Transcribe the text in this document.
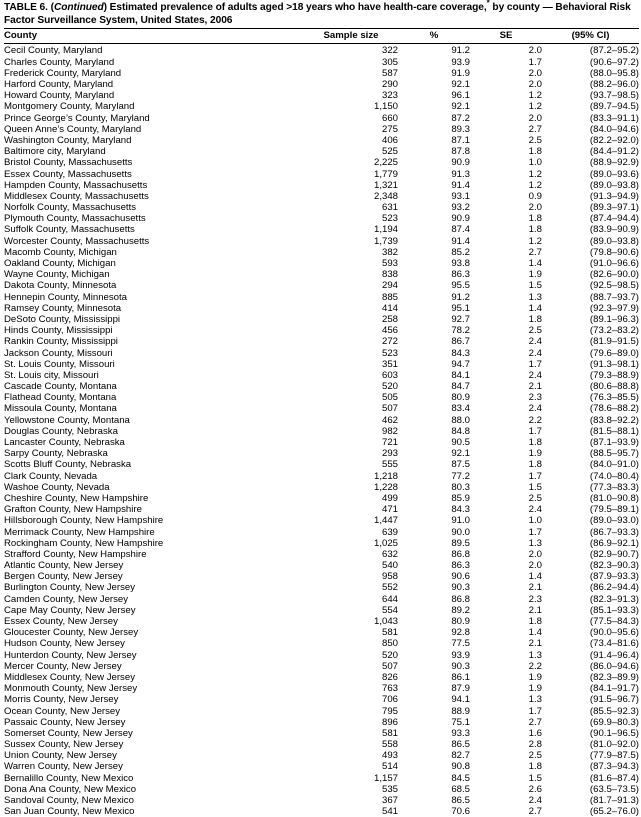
TABLE 6. (Continued) Estimated prevalence of adults aged >18 years who have health-care coverage,* by county — Behavioral Risk Factor Surveillance System, United States, 2006
County	Sample size	%	SE	(95% CI)
Cecil County, Maryland	322	91.2	2.0	(87.2–95.2)
Charles County, Maryland	305	93.9	1.7	(90.6–97.2)
Frederick County, Maryland	587	91.9	2.0	(88.0–95.8)
Harford County, Maryland	290	92.1	2.0	(88.2–96.0)
Howard County, Maryland	323	96.1	1.2	(93.7–98.5)
Montgomery County, Maryland	1,150	92.1	1.2	(89.7–94.5)
Prince George’s County, Maryland	660	87.2	2.0	(83.3–91.1)
Queen Anne’s County, Maryland	275	89.3	2.7	(84.0–94.6)
Washington County, Maryland	406	87.1	2.5	(82.2–92.0)
Baltimore city, Maryland	525	87.8	1.8	(84.4–91.2)
Bristol County, Massachusetts	2,225	90.9	1.0	(88.9–92.9)
Essex County, Massachusetts	1,779	91.3	1.2	(89.0–93.6)
Hampden County, Massachusetts	1,321	91.4	1.2	(89.0–93.8)
Middlesex County, Massachusetts	2,348	93.1	0.9	(91.3–94.9)
Norfolk County, Massachusetts	631	93.2	2.0	(89.3–97.1)
Plymouth County, Massachusetts	523	90.9	1.8	(87.4–94.4)
Suffolk County, Massachusetts	1,194	87.4	1.8	(83.9–90.9)
Worcester County, Massachusetts	1,739	91.4	1.2	(89.0–93.8)
Macomb County, Michigan	382	85.2	2.7	(79.8–90.6)
Oakland County, Michigan	593	93.8	1.4	(91.0–96.6)
Wayne County, Michigan	838	86.3	1.9	(82.6–90.0)
Dakota County, Minnesota	294	95.5	1.5	(92.5–98.5)
Hennepin County, Minnesota	885	91.2	1.3	(88.7–93.7)
Ramsey County, Minnesota	414	95.1	1.4	(92.3–97.9)
DeSoto County, Mississippi	258	92.7	1.8	(89.1–96.3)
Hinds County, Mississippi	456	78.2	2.5	(73.2–83.2)
Rankin County, Mississippi	272	86.7	2.4	(81.9–91.5)
Jackson County, Missouri	523	84.3	2.4	(79.6–89.0)
St. Louis County, Missouri	351	94.7	1.7	(91.3–98.1)
St. Louis city, Missouri	603	84.1	2.4	(79.3–88.9)
Cascade County, Montana	520	84.7	2.1	(80.6–88.8)
Flathead County, Montana	505	80.9	2.3	(76.3–85.5)
Missoula County, Montana	507	83.4	2.4	(78.6–88.2)
Yellowstone County, Montana	462	88.0	2.2	(83.8–92.2)
Douglas County, Nebraska	982	84.8	1.7	(81.5–88.1)
Lancaster County, Nebraska	721	90.5	1.8	(87.1–93.9)
Sarpy County, Nebraska	293	92.1	1.9	(88.5–95.7)
Scotts Bluff County, Nebraska	555	87.5	1.8	(84.0–91.0)
Clark County, Nevada	1,218	77.2	1.7	(74.0–80.4)
Washoe County, Nevada	1,228	80.3	1.5	(77.3–83.3)
Cheshire County, New Hampshire	499	85.9	2.5	(81.0–90.8)
Grafton County, New Hampshire	471	84.3	2.4	(79.5–89.1)
Hillsborough County, New Hampshire	1,447	91.0	1.0	(89.0–93.0)
Merrimack County, New Hampshire	639	90.0	1.7	(86.7–93.3)
Rockingham County, New Hampshire	1,025	89.5	1.3	(86.9–92.1)
Strafford County, New Hampshire	632	86.8	2.0	(82.9–90.7)
Atlantic County, New Jersey	540	86.3	2.0	(82.3–90.3)
Bergen County, New Jersey	958	90.6	1.4	(87.9–93.3)
Burlington County, New Jersey	552	90.3	2.1	(86.2–94.4)
Camden County, New Jersey	644	86.8	2.3	(82.3–91.3)
Cape May County, New Jersey	554	89.2	2.1	(85.1–93.3)
Essex County, New Jersey	1,043	80.9	1.8	(77.5–84.3)
Gloucester County, New Jersey	581	92.8	1.4	(90.0–95.6)
Hudson County, New Jersey	850	77.5	2.1	(73.4–81.6)
Hunterdon County, New Jersey	520	93.9	1.3	(91.4–96.4)
Mercer County, New Jersey	507	90.3	2.2	(86.0–94.6)
Middlesex County, New Jersey	826	86.1	1.9	(82.3–89.9)
Monmouth County, New Jersey	763	87.9	1.9	(84.1–91.7)
Morris County, New Jersey	706	94.1	1.3	(91.5–96.7)
Ocean County, New Jersey	795	88.9	1.7	(85.5–92.3)
Passaic County, New Jersey	896	75.1	2.7	(69.9–80.3)
Somerset County, New Jersey	581	93.3	1.6	(90.1–96.5)
Sussex County, New Jersey	558	86.5	2.8	(81.0–92.0)
Union County, New Jersey	493	82.7	2.5	(77.9–87.5)
Warren County, New Jersey	514	90.8	1.8	(87.3–94.3)
Bernalillo County, New Mexico	1,157	84.5	1.5	(81.6–87.4)
Dona Ana County, New Mexico	535	68.5	2.6	(63.5–73.5)
Sandoval County, New Mexico	367	86.5	2.4	(81.7–91.3)
San Juan County, New Mexico	541	70.6	2.7	(65.2–76.0)
